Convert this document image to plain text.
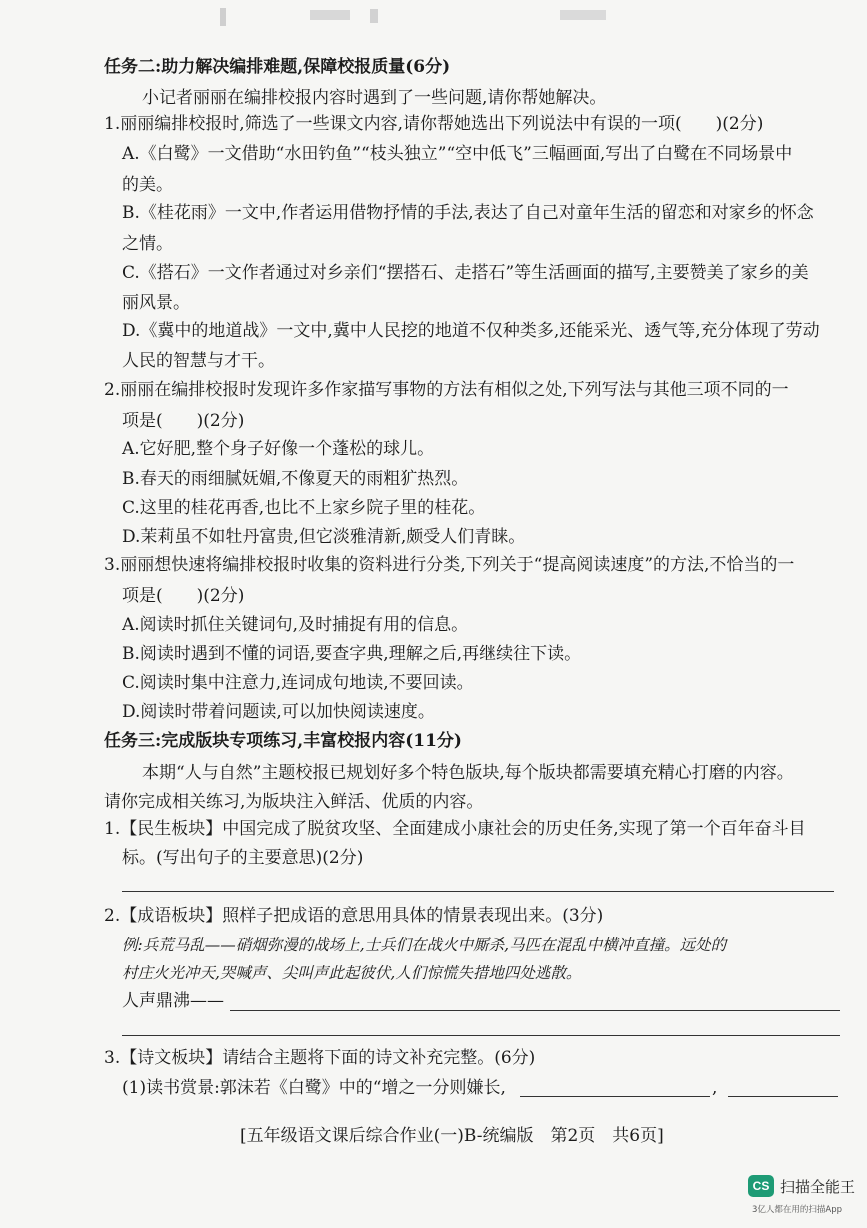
任务二:助力解决编排难题,保障校报质量(6分)
小记者丽丽在编排校报内容时遇到了一些问题,请你帮她解决。
1.丽丽编排校报时,筛选了一些课文内容,请你帮她选出下列说法中有误的一项(　　)(2分)
A.《白鹭》一文借助“水田钓鱼”“枝头独立”“空中低飞”三幅画面,写出了白鹭在不同场景中
的美。
B.《桂花雨》一文中,作者运用借物抒情的手法,表达了自己对童年生活的留恋和对家乡的怀念
之情。
C.《搭石》一文作者通过对乡亲们“摆搭石、走搭石”等生活画面的描写,主要赞美了家乡的美
丽风景。
D.《冀中的地道战》一文中,冀中人民挖的地道不仅种类多,还能采光、透气等,充分体现了劳动
人民的智慧与才干。
2.丽丽在编排校报时发现许多作家描写事物的方法有相似之处,下列写法与其他三项不同的一
项是(　　)(2分)
A.它好肥,整个身子好像一个蓬松的球儿。
B.春天的雨细腻妩媚,不像夏天的雨粗犷热烈。
C.这里的桂花再香,也比不上家乡院子里的桂花。
D.茉莉虽不如牡丹富贵,但它淡雅清新,颇受人们青睐。
3.丽丽想快速将编排校报时收集的资料进行分类,下列关于“提高阅读速度”的方法,不恰当的一
项是(　　)(2分)
A.阅读时抓住关键词句,及时捕捉有用的信息。
B.阅读时遇到不懂的词语,要查字典,理解之后,再继续往下读。
C.阅读时集中注意力,连词成句地读,不要回读。
D.阅读时带着问题读,可以加快阅读速度。
任务三:完成版块专项练习,丰富校报内容(11分)
本期“人与自然”主题校报已规划好多个特色版块,每个版块都需要填充精心打磨的内容。
请你完成相关练习,为版块注入鲜活、优质的内容。
1.【民生板块】中国完成了脱贫攻坚、全面建成小康社会的历史任务,实现了第一个百年奋斗目
标。(写出句子的主要意思)(2分)
2.【成语板块】照样子把成语的意思用具体的情景表现出来。(3分)
例:兵荒马乱——硝烟弥漫的战场上,士兵们在战火中厮杀,马匹在混乱中横冲直撞。远处的
村庄火光冲天,哭喊声、尖叫声此起彼伏,人们惊慌失措地四处逃散。
人声鼎沸——
3.【诗文板块】请结合主题将下面的诗文补充完整。(6分)
(1)读书赏景:郭沫若《白鹭》中的“增之一分则嫌长,	,
[五年级语文课后综合作业(一)B-统编版　第2页　共6页]
CS 扫描全能王
3亿人都在用的扫描App
